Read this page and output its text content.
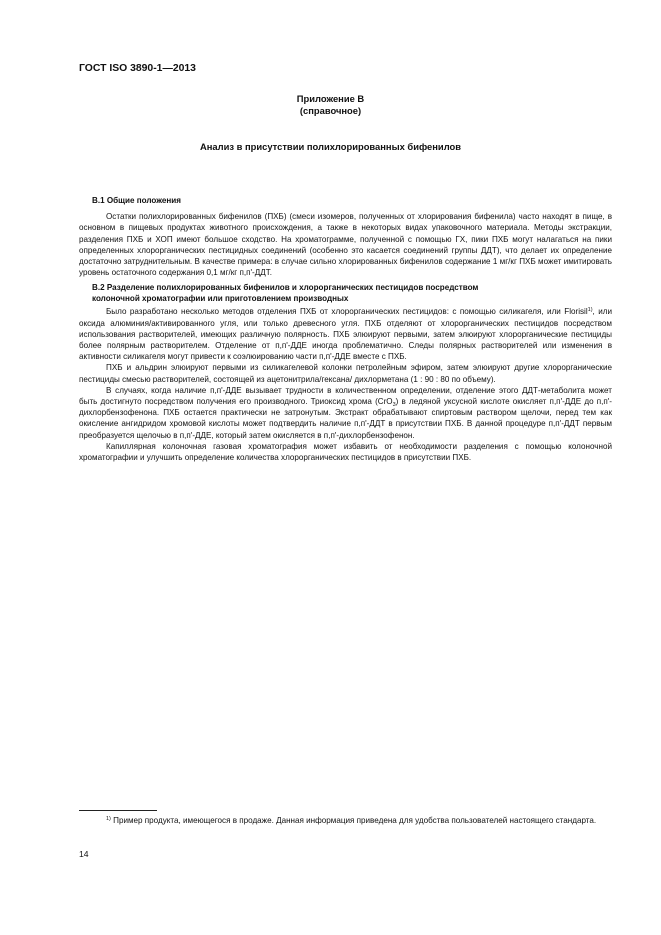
ГОСТ ISO 3890-1—2013
Приложение В
(справочное)
Анализ в присутствии полихлорированных бифенилов
В.1 Общие положения

Остатки полихлорированных бифенилов (ПХБ) (смеси изомеров, полученных от хлорирования бифенила) часто находят в пище, в основном в пищевых продуктах животного происхождения, а также в некоторых видах упаковочного материала. Методы экстракции, разделения ПХБ и ХОП имеют большое сходство. На хроматограмме, полученной с помощью ГХ, пики ПХБ могут налагаться на пики определенных хлорорганических пестицидных соединений (особенно это касается соединений группы ДДТ), что делает их определение достаточно затруднительным. В качестве примера: в случае сильно хлорированных бифенилов содержание 1 мг/кг ПХБ может имитировать уровень остаточного содержания 0,1 мг/кг п,п'-ДДТ.

В.2 Разделение полихлорированных бифенилов и хлорорганических пестицидов посредством
колоночной хроматографии или приготовлением производных

Было разработано несколько методов отделения ПХБ от хлорорганических пестицидов: с помощью силикагеля, или Florisil$^{1)}$, или оксида алюминия/активированного угля, или только древесного угля. ПХБ отделяют от хлорорганических пестицидов посредством использования растворителей, имеющих различную полярность. ПХБ элюируют первыми, затем элюируют хлорорганические пестициды более полярным растворителем. Отделение от п,п'-ДДЕ иногда проблематично. Следы полярных растворителей или изменения в активности силикагеля могут привести к соэлюированию части п,п'-ДДЕ вместе с ПХБ.

ПХБ и альдрин элюируют первыми из силикагелевой колонки петролейным эфиром, затем элюируют другие хлорорганические пестициды смесью растворителей, состоящей из ацетонитрила/гексана/ дихлорметана (1 : 90 : 80 по объему).

В случаях, когда наличие п,п'-ДДЕ вызывает трудности в количественном определении, отделение этого ДДТ-метаболита может быть достигнуто посредством получения его производного. Триоксид хрома (CrO$_3$) в ледяной уксусной кислоте окисляет п,п'-ДДЕ до п,п'-дихлорбензофенона. ПХБ остается практически не затронутым. Экстракт обрабатывают спиртовым раствором щелочи, перед тем как окисление ангидридом хромовой кислоты может подтвердить наличие п,п'-ДДТ в присутствии ПХБ. В данной процедуре п,п'-ДДТ первым преобразуется щелочью в п,п'-ДДЕ, который затем окисляется в п,п'-дихлорбензофенон.

Капиллярная колоночная газовая хроматография может избавить от необходимости разделения с помощью колоночной хроматографии и улучшить определение количества хлорорганических пестицидов в присутствии ПХБ.

$^{1)}$ Пример продукта, имеющегося в продаже. Данная информация приведена для удобства пользователей настоящего стандарта.
14
